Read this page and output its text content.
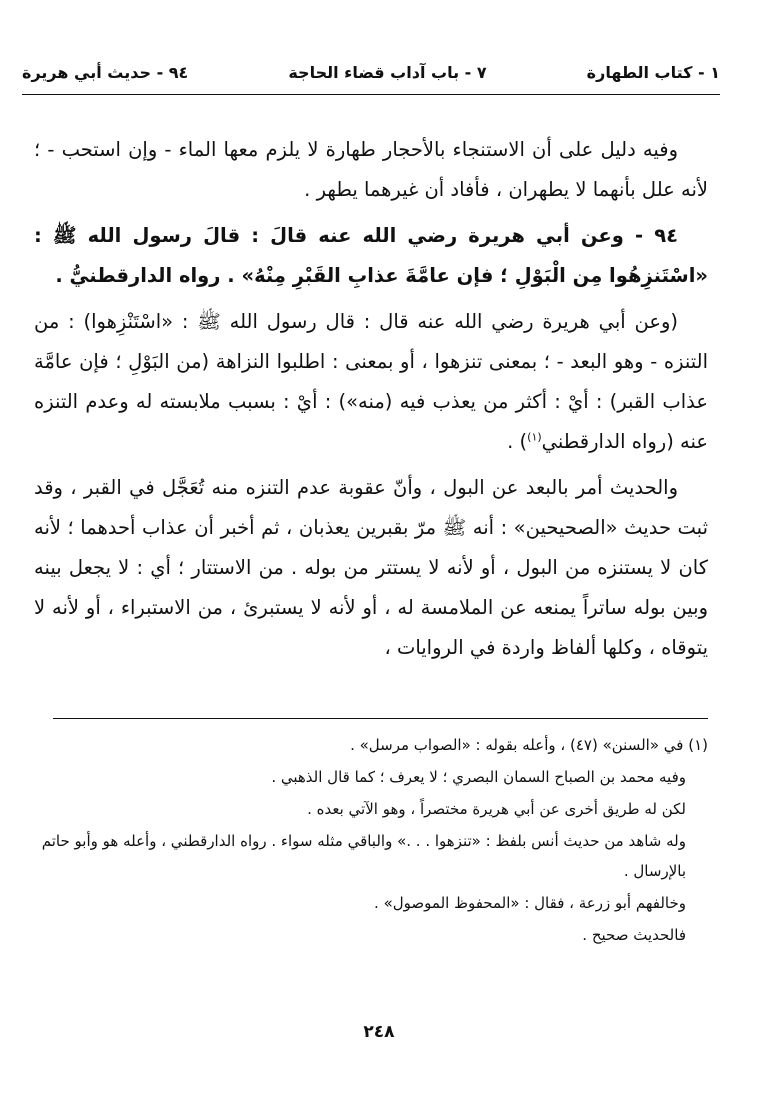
١ - كتاب الطهارة
٧ - باب آداب قضاء الحاجة
٩٤ - حديث أبي هريرة

وفيه دليل على أن الاستنجاء بالأحجار طهارة لا يلزم معها الماء - وإن استحب - ؛ لأنه علل بأنهما لا يطهران ، فأفاد أن غيرهما يطهر .

٩٤ - وعن أبي هريرة رضي الله عنه قالَ : قالَ رسول الله ﷺ : «اسْتَنزِهُوا مِن الْبَوْلِ ؛ فإن عامَّةَ عذابِ القَبْرِ مِنْهُ» . رواه الدارقطنيُّ .

(وعن أبي هريرة رضي الله عنه قال : قال رسول الله ﷺ : «اسْتَنْزِهوا) : من التنزه - وهو البعد - ؛ بمعنى تنزهوا ، أو بمعنى : اطلبوا النزاهة (من البَوْلِ ؛ فإن عامَّة عذاب القبر) : أيْ : أكثر من يعذب فيه (منه») : أيْ : بسبب ملابسته له وعدم التنزه عنه (رواه الدارقطني$^{(١)}$) .

والحديث أمر بالبعد عن البول ، وأنّ عقوبة عدم التنزه منه تُعَجَّل في القبر ، وقد ثبت حديث «الصحيحين» : أنه ﷺ مرّ بقبرين يعذبان ، ثم أخبر أن عذاب أحدهما ؛ لأنه كان لا يستنزه من البول ، أو لأنه لا يستتر من بوله . من الاستتار ؛ أي : لا يجعل بينه وبين بوله ساتراً يمنعه عن الملامسة له ، أو لأنه لا يستبرئ ، من الاستبراء ، أو لأنه لا يتوقاه ، وكلها ألفاظ واردة في الروايات ،

(١) في «السنن» (٤٧) ، وأعله بقوله : «الصواب مرسل» .

وفيه محمد بن الصباح السمان البصري ؛ لا يعرف ؛ كما قال الذهبي .

لكن له طريق أخرى عن أبي هريرة مختصراً ، وهو الآتي بعده .

وله شاهد من حديث أنس بلفظ : «تنزهوا . . .» والباقي مثله سواء . رواه الدارقطني ، وأعله هو وأبو حاتم بالإرسال .

وخالفهم أبو زرعة ، فقال : «المحفوظ الموصول» .

فالحديث صحيح .

٢٤٨
